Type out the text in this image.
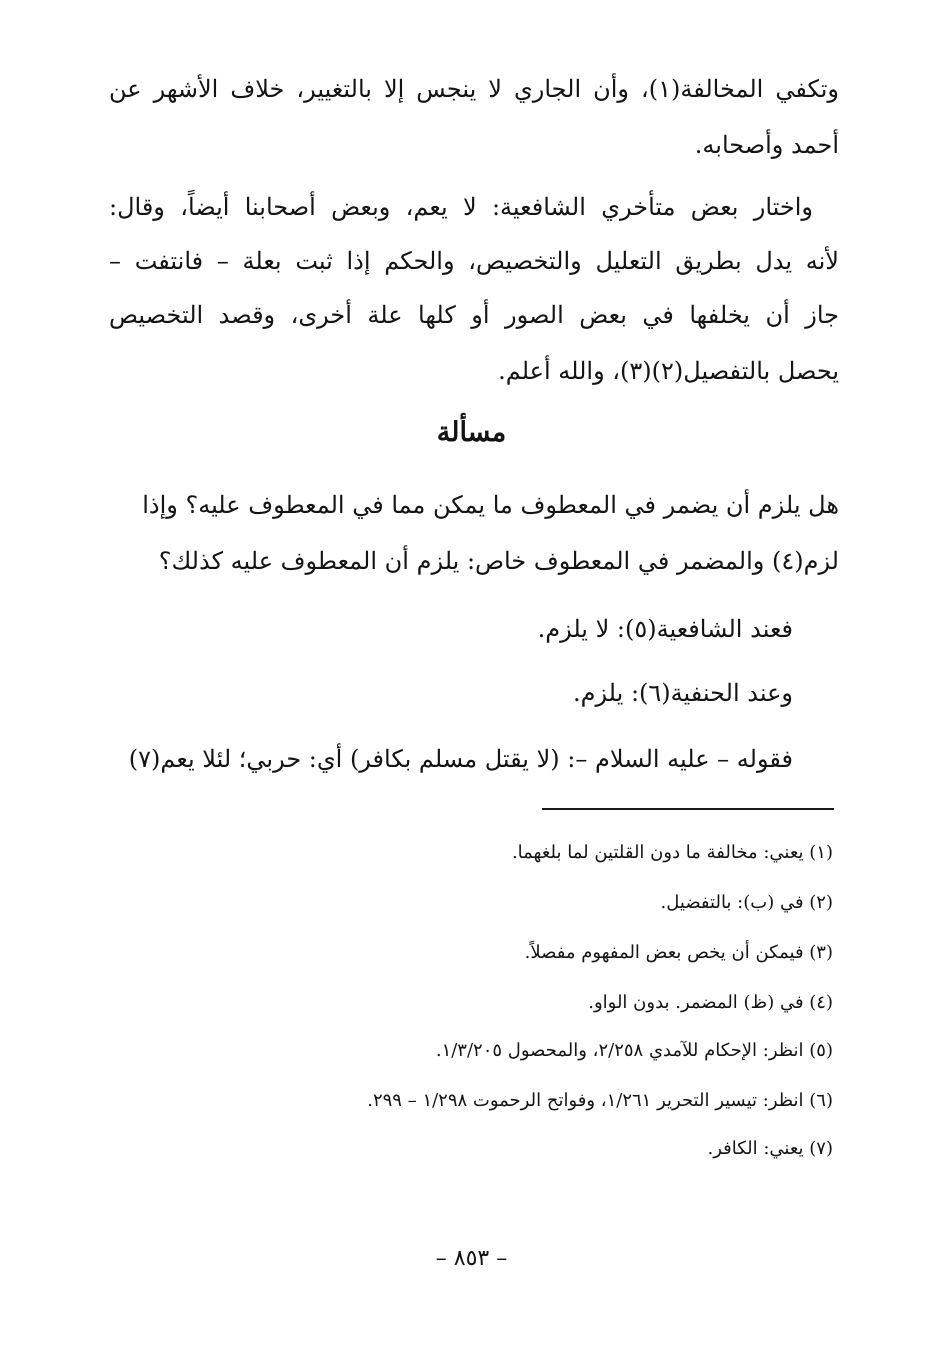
وتكفي المخالفة(١)، وأن الجاري لا ينجس إلا بالتغيير، خلاف الأشهر عن
أحمد وأصحابه.
واختار بعض متأخري الشافعية: لا يعم، وبعض أصحابنا أيضاً، وقال:
لأنه يدل بطريق التعليل والتخصيص، والحكم إذا ثبت بعلة – فانتفت –
جاز أن يخلفها في بعض الصور أو كلها علة أخرى، وقصد التخصيص
يحصل بالتفصيل(٢)(٣)، والله أعلم.
مسألة
هل يلزم أن يضمر في المعطوف ما يمكن مما في المعطوف عليه؟ وإذا
لزم(٤) والمضمر في المعطوف خاص: يلزم أن المعطوف عليه كذلك؟
فعند الشافعية(٥): لا يلزم.
وعند الحنفية(٦): يلزم.
فقوله – عليه السلام –: (لا يقتل مسلم بكافر) أي: حربي؛ لئلا يعم(٧)
(١) يعني: مخالفة ما دون القلتين لما بلغهما.
(٢) في (ب): بالتفضيل.
(٣) فيمكن أن يخص بعض المفهوم مفصلاً.
(٤) في (ظ) المضمر. بدون الواو.
(٥) انظر: الإحكام للآمدي ٢/٢٥٨، والمحصول ١/٣/٢٠٥.
(٦) انظر: تيسير التحرير ١/٢٦١، وفواتح الرحموت ١/٢٩٨ – ٢٩٩.
(٧) يعني: الكافر.
– ٨٥٣ –
